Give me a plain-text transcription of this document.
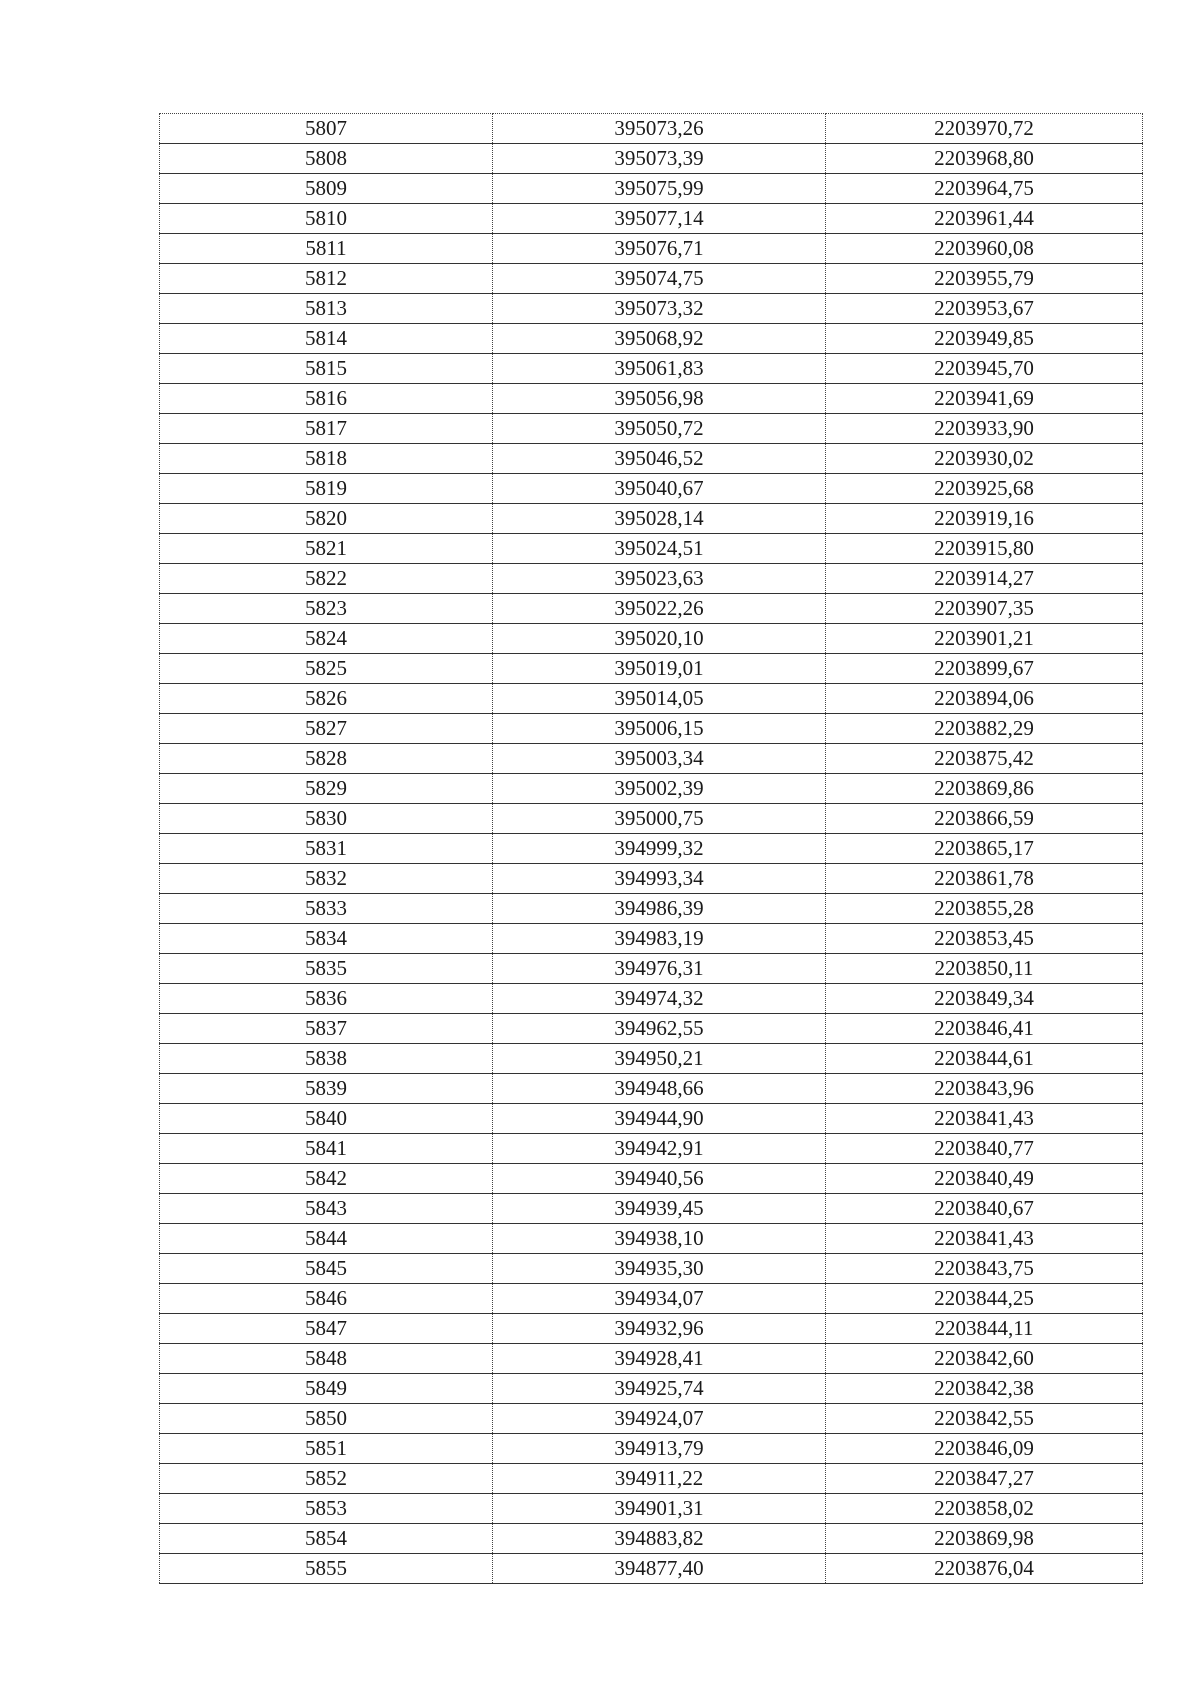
5807	395073,26	2203970,72
5808	395073,39	2203968,80
5809	395075,99	2203964,75
5810	395077,14	2203961,44
5811	395076,71	2203960,08
5812	395074,75	2203955,79
5813	395073,32	2203953,67
5814	395068,92	2203949,85
5815	395061,83	2203945,70
5816	395056,98	2203941,69
5817	395050,72	2203933,90
5818	395046,52	2203930,02
5819	395040,67	2203925,68
5820	395028,14	2203919,16
5821	395024,51	2203915,80
5822	395023,63	2203914,27
5823	395022,26	2203907,35
5824	395020,10	2203901,21
5825	395019,01	2203899,67
5826	395014,05	2203894,06
5827	395006,15	2203882,29
5828	395003,34	2203875,42
5829	395002,39	2203869,86
5830	395000,75	2203866,59
5831	394999,32	2203865,17
5832	394993,34	2203861,78
5833	394986,39	2203855,28
5834	394983,19	2203853,45
5835	394976,31	2203850,11
5836	394974,32	2203849,34
5837	394962,55	2203846,41
5838	394950,21	2203844,61
5839	394948,66	2203843,96
5840	394944,90	2203841,43
5841	394942,91	2203840,77
5842	394940,56	2203840,49
5843	394939,45	2203840,67
5844	394938,10	2203841,43
5845	394935,30	2203843,75
5846	394934,07	2203844,25
5847	394932,96	2203844,11
5848	394928,41	2203842,60
5849	394925,74	2203842,38
5850	394924,07	2203842,55
5851	394913,79	2203846,09
5852	394911,22	2203847,27
5853	394901,31	2203858,02
5854	394883,82	2203869,98
5855	394877,40	2203876,04
